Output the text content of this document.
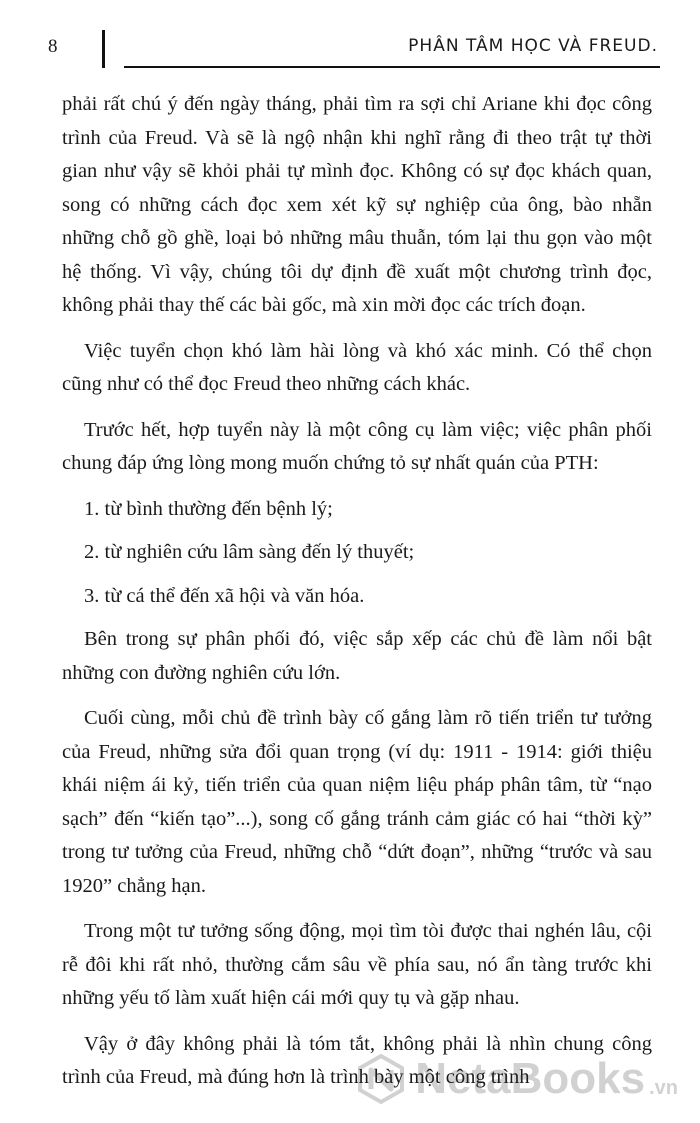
8	PHÂN TÂM HỌC VÀ FREUD.

phải rất chú ý đến ngày tháng, phải tìm ra sợi chỉ Ariane khi đọc công trình của Freud. Và sẽ là ngộ nhận khi nghĩ rằng đi theo trật tự thời gian như vậy sẽ khỏi phải tự mình đọc. Không có sự đọc khách quan, song có những cách đọc xem xét kỹ sự nghiệp của ông, bào nhẵn những chỗ gồ ghề, loại bỏ những mâu thuẫn, tóm lại thu gọn vào một hệ thống. Vì vậy, chúng tôi dự định đề xuất một chương trình đọc, không phải thay thế các bài gốc, mà xin mời đọc các trích đoạn.

Việc tuyển chọn khó làm hài lòng và khó xác minh. Có thể chọn cũng như có thể đọc Freud theo những cách khác.

Trước hết, hợp tuyển này là một công cụ làm việc; việc phân phối chung đáp ứng lòng mong muốn chứng tỏ sự nhất quán của PTH:

1. từ bình thường đến bệnh lý;

2. từ nghiên cứu lâm sàng đến lý thuyết;

3. từ cá thể đến xã hội và văn hóa.

Bên trong sự phân phối đó, việc sắp xếp các chủ đề làm nổi bật những con đường nghiên cứu lớn.

Cuối cùng, mỗi chủ đề trình bày cố gắng làm rõ tiến triển tư tưởng của Freud, những sửa đổi quan trọng (ví dụ: 1911 - 1914: giới thiệu khái niệm ái kỷ, tiến triển của quan niệm liệu pháp phân tâm, từ “nạo sạch” đến “kiến tạo”...), song cố gắng tránh cảm giác có hai “thời kỳ” trong tư tưởng của Freud, những chỗ “dứt đoạn”, những “trước và sau 1920” chẳng hạn.

Trong một tư tưởng sống động, mọi tìm tòi được thai nghén lâu, cội rễ đôi khi rất nhỏ, thường cắm sâu về phía sau, nó ẩn tàng trước khi những yếu tố làm xuất hiện cái mới quy tụ và gặp nhau.

Vậy ở đây không phải là tóm tắt, không phải là nhìn chung công trình của Freud, mà đúng hơn là trình bày một công trình

NetaBooks .vn
